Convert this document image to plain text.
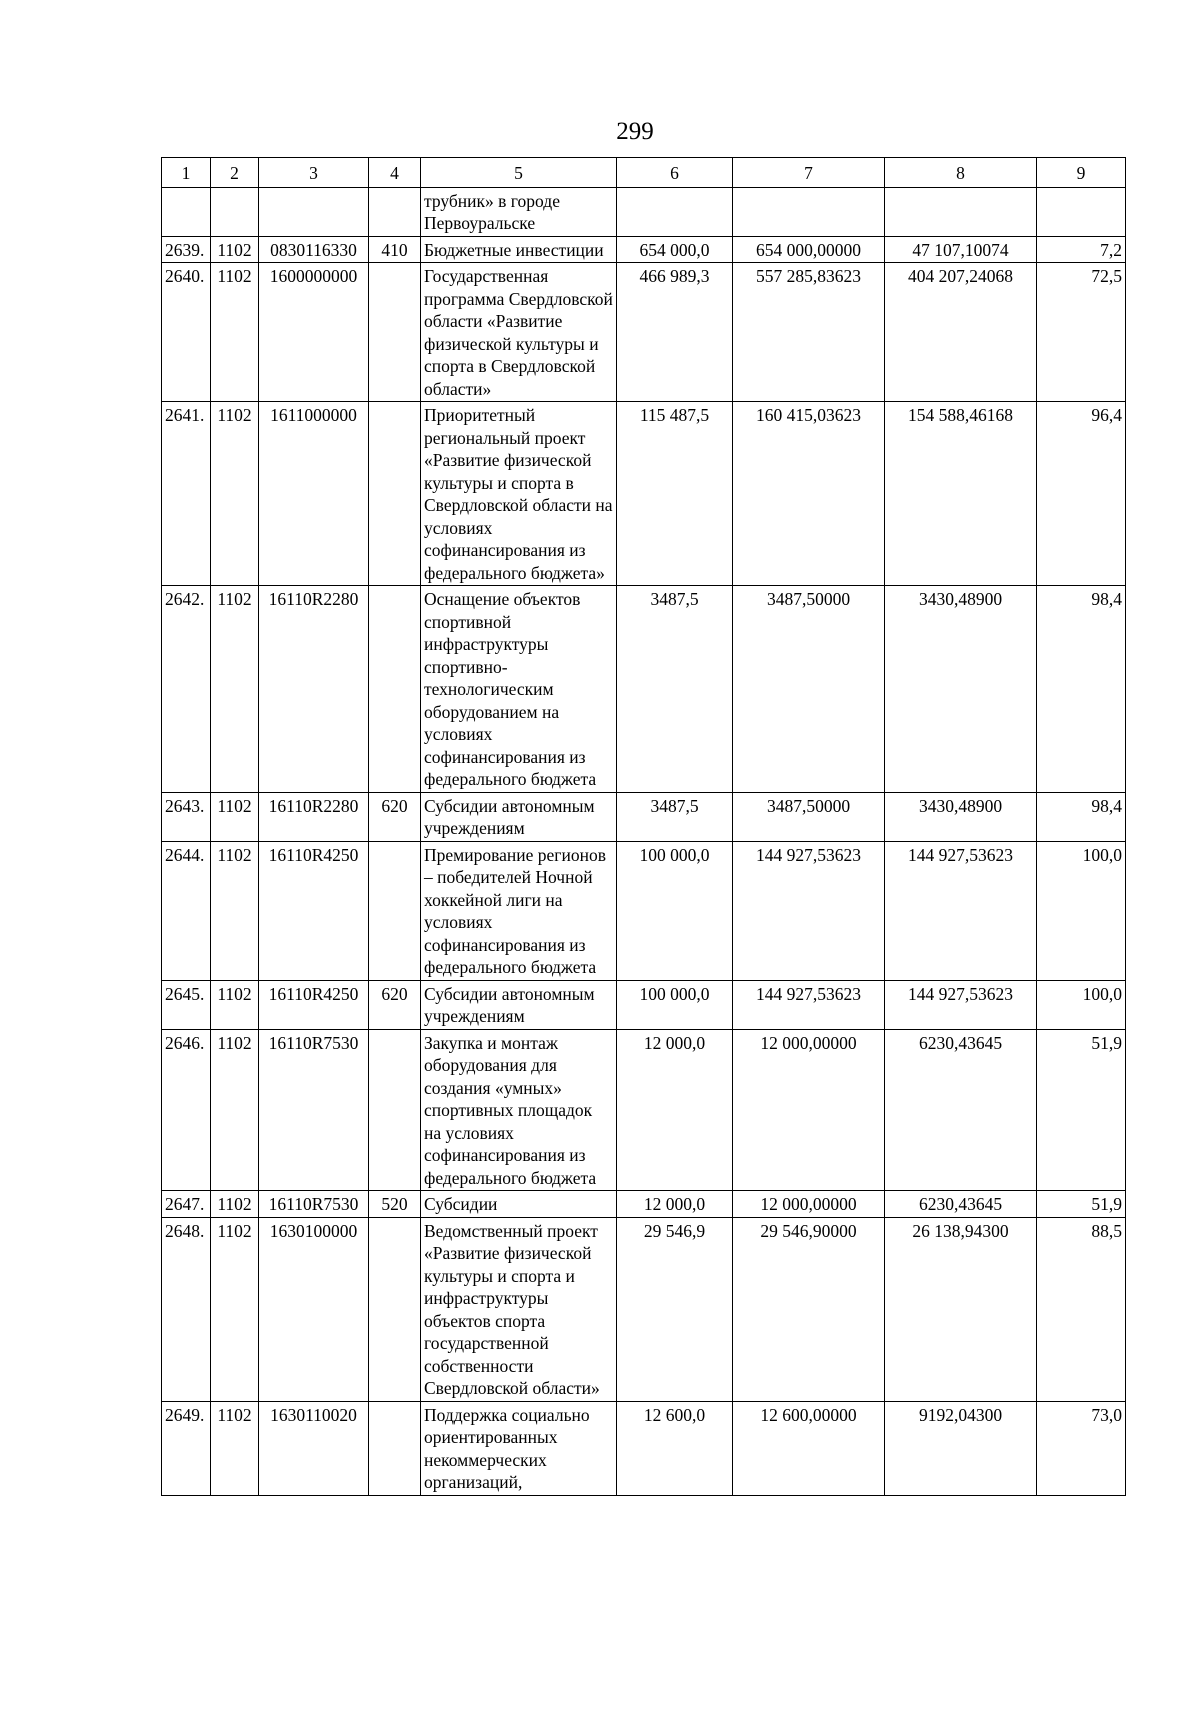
299
1	2	3	4	5	6	7	8	9
				трубник» в городе Первоуральске				
2639.	1102	0830116330	410	Бюджетные инвестиции	654 000,0	654 000,00000	47 107,10074	7,2
2640.	1102	1600000000		Государственная программа Свердловской области «Развитие физической культуры и спорта в Свердловской области»	466 989,3	557 285,83623	404 207,24068	72,5
2641.	1102	1611000000		Приоритетный региональный проект «Развитие физической культуры и спорта в Свердловской области на условиях софинансирования из федерального бюджета»	115 487,5	160 415,03623	154 588,46168	96,4
2642.	1102	16110R2280		Оснащение объектов спортивной инфраструктуры спортивно-технологическим оборудованием на условиях софинансирования из федерального бюджета	3487,5	3487,50000	3430,48900	98,4
2643.	1102	16110R2280	620	Субсидии автономным учреждениям	3487,5	3487,50000	3430,48900	98,4
2644.	1102	16110R4250		Премирование регионов – победителей Ночной хоккейной лиги на условиях софинансирования из федерального бюджета	100 000,0	144 927,53623	144 927,53623	100,0
2645.	1102	16110R4250	620	Субсидии автономным учреждениям	100 000,0	144 927,53623	144 927,53623	100,0
2646.	1102	16110R7530		Закупка и монтаж оборудования для создания «умных» спортивных площадок на условиях софинансирования из федерального бюджета	12 000,0	12 000,00000	6230,43645	51,9
2647.	1102	16110R7530	520	Субсидии	12 000,0	12 000,00000	6230,43645	51,9
2648.	1102	1630100000		Ведомственный проект «Развитие физической культуры и спорта и инфраструктуры объектов спорта государственной собственности Свердловской области»	29 546,9	29 546,90000	26 138,94300	88,5
2649.	1102	1630110020		Поддержка социально ориентированных некоммерческих организаций,	12 600,0	12 600,00000	9192,04300	73,0
